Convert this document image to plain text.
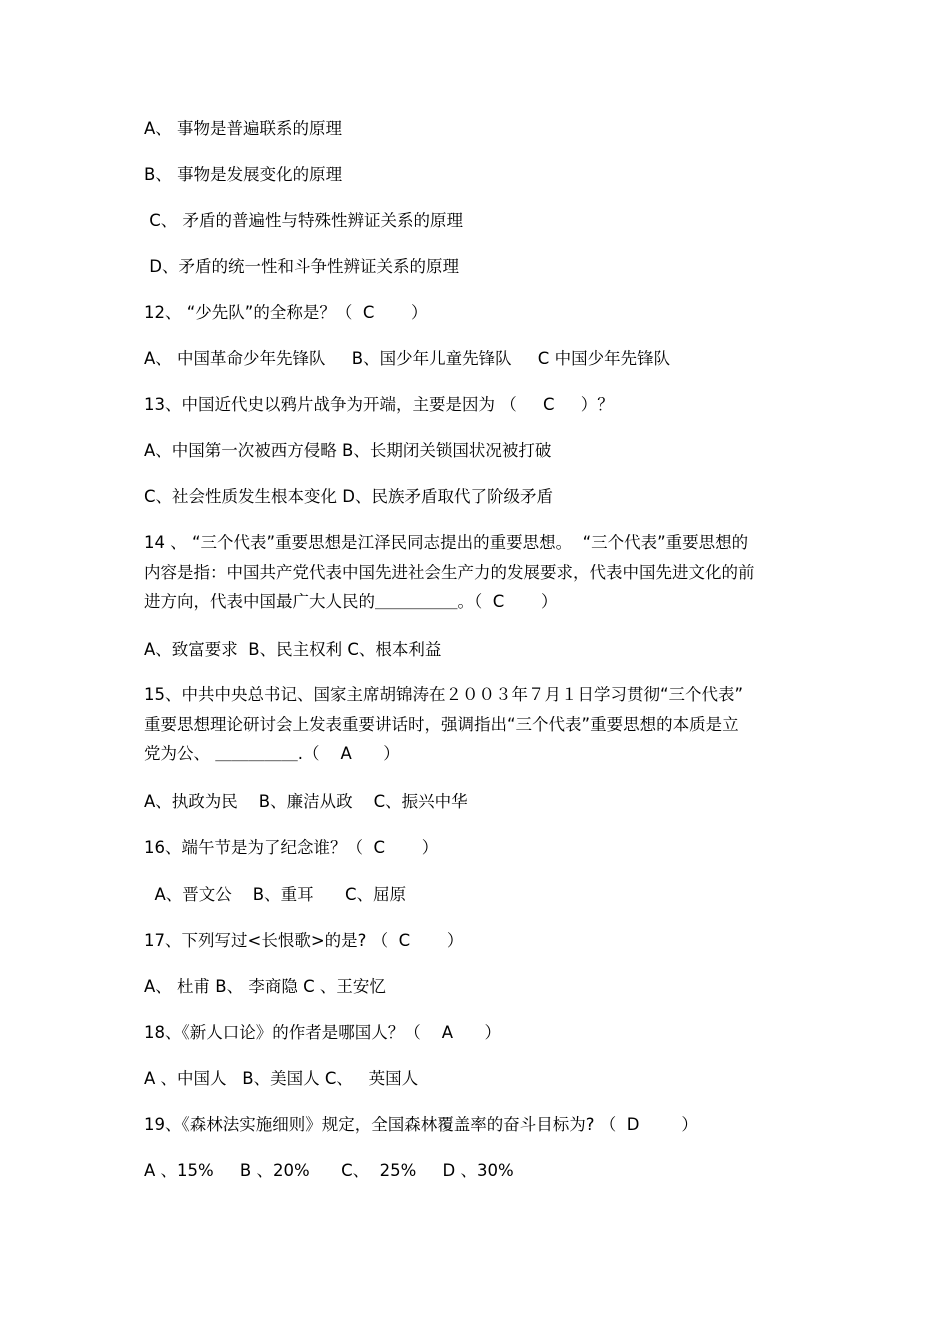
A、 事物是普遍联系的原理
B、 事物是发展变化的原理
C、 矛盾的普遍性与特殊性辨证关系的原理
D、矛盾的统一性和斗争性辨证关系的原理
12、 “少先队”的全称是？（  C       ）
A、 中国革命少年先锋队     B、国少年儿童先锋队     C 中国少年先锋队
13、中国近代史以鸦片战争为开端，主要是因为 （     C     ）？
A、中国第一次被西方侵略 B、长期闭关锁国状况被打破
C、社会性质发生根本变化 D、民族矛盾取代了阶级矛盾
14 、 “三个代表”重要思想是江泽民同志提出的重要思想。  “三个代表”重要思想的
内容是指：中国共产党代表中国先进社会生产力的发展要求，代表中国先进文化的前
进方向，代表中国最广大人民的＿＿＿＿＿。（  C       ）
A、致富要求  B、民主权利 C、根本利益
15、中共中央总书记、国家主席胡锦涛在２００３年７月１日学习贯彻“三个代表”
重要思想理论研讨会上发表重要讲话时，强调指出“三个代表”重要思想的本质是立
党为公、 ＿＿＿＿＿.（    A      ）
A、执政为民    B、廉洁从政    C、振兴中华
16、端午节是为了纪念谁？（  C       ）
A、晋文公    B、重耳      C、屈原
17、下列写过<长恨歌>的是? （  C       ）
A、 杜甫 B、 李商隐 C 、王安忆
18、《新人口论》的作者是哪国人？（    A      ）
A 、中国人   B、美国人 C、   英国人
19、《森林法实施细则》规定，全国森林覆盖率的奋斗目标为? （  D        ）
A 、15%     B 、20%      C、  25%     D 、30%
